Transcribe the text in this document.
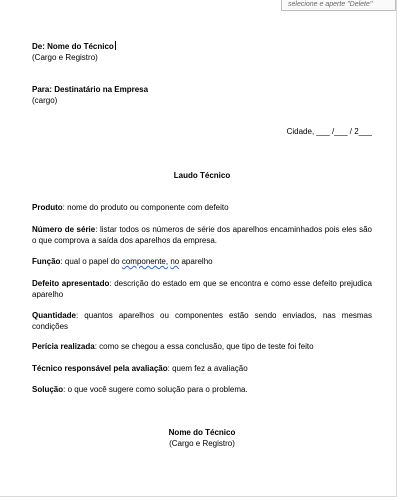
selecione e aperte "Delete"
De: Nome do Técnico
(Cargo e Registro)
Para: Destinatário na Empresa
(cargo)
Cidade, ___ /___ / 2___
Laudo Técnico
Produto: nome do produto ou componente com defeito
Número de série: listar todos os números de série dos aparelhos encaminhados pois eles são o que comprova a saída dos aparelhos da empresa.
Função: qual o papel do componente, no aparelho
Defeito apresentado: descrição do estado em que se encontra e como esse defeito prejudica aparelho
Quantidade: quantos aparelhos ou componentes estão sendo enviados, nas mesmas condições
Perícia realizada: como se chegou a essa conclusão, que tipo de teste foi feito
Técnico responsável pela avaliação: quem fez a avaliação
Solução: o que você sugere como solução para o problema.
Nome do Técnico
(Cargo e Registro)
